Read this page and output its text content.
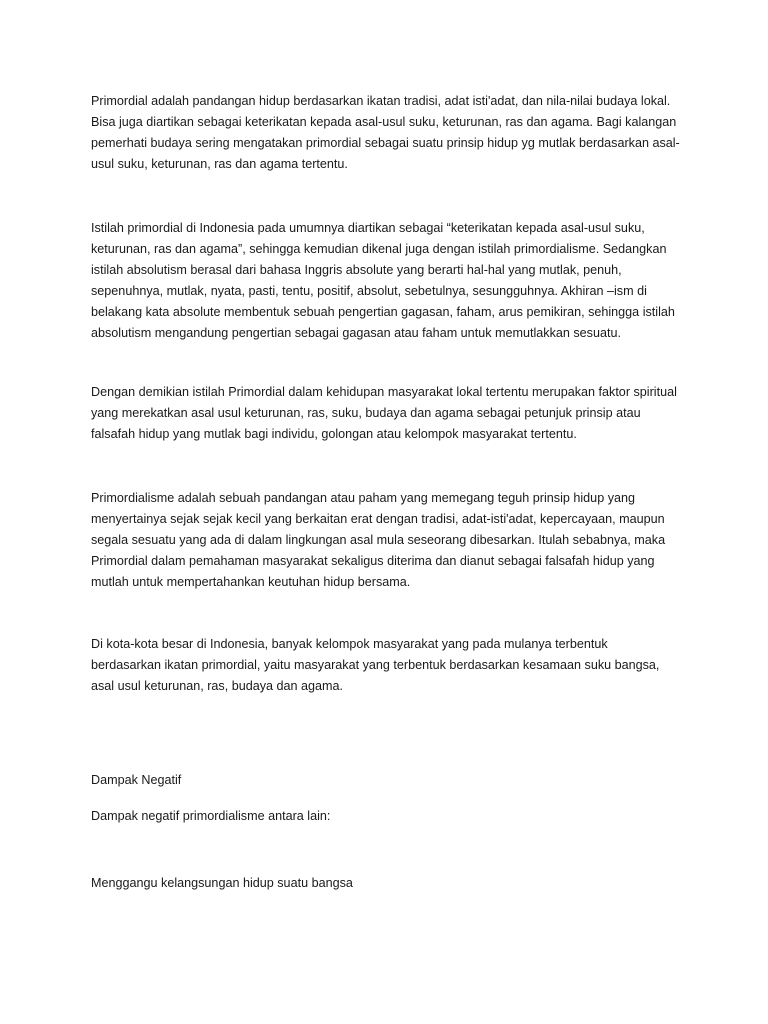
Primordial adalah pandangan hidup berdasarkan ikatan tradisi, adat isti'adat, dan nila-nilai budaya lokal. Bisa juga diartikan sebagai keterikatan kepada asal-usul suku, keturunan, ras dan agama. Bagi kalangan pemerhati budaya sering mengatakan primordial sebagai suatu prinsip hidup yg mutlak berdasarkan asal-usul suku, keturunan, ras dan agama tertentu.

Istilah primordial di Indonesia pada umumnya diartikan sebagai “keterikatan kepada asal-usul suku, keturunan, ras dan agama”, sehingga kemudian dikenal juga dengan istilah primordialisme. Sedangkan istilah absolutism berasal dari bahasa Inggris absolute yang berarti hal-hal yang mutlak, penuh, sepenuhnya, mutlak, nyata, pasti, tentu, positif, absolut, sebetulnya, sesungguhnya. Akhiran –ism di belakang kata absolute membentuk sebuah pengertian gagasan, faham, arus pemikiran, sehingga istilah absolutism mengandung pengertian sebagai gagasan atau faham untuk memutlakkan sesuatu.

Dengan demikian istilah Primordial dalam kehidupan masyarakat lokal tertentu merupakan faktor spiritual yang merekatkan asal usul keturunan, ras, suku, budaya dan agama sebagai petunjuk prinsip atau falsafah hidup yang mutlak bagi individu, golongan atau kelompok masyarakat tertentu.

Primordialisme adalah sebuah pandangan atau paham yang memegang teguh prinsip hidup yang menyertainya sejak sejak kecil yang berkaitan erat dengan tradisi, adat-isti'adat, kepercayaan, maupun segala sesuatu yang ada di dalam lingkungan asal mula seseorang dibesarkan. Itulah sebabnya, maka Primordial dalam pemahaman masyarakat sekaligus diterima dan dianut sebagai falsafah hidup yang mutlah untuk mempertahankan keutuhan hidup bersama.

Di kota-kota besar di Indonesia, banyak kelompok masyarakat yang pada mulanya terbentuk berdasarkan ikatan primordial, yaitu masyarakat yang terbentuk berdasarkan kesamaan suku bangsa, asal usul keturunan, ras, budaya dan agama.

Dampak Negatif

Dampak negatif primordialisme antara lain:

Menggangu kelangsungan hidup suatu bangsa
